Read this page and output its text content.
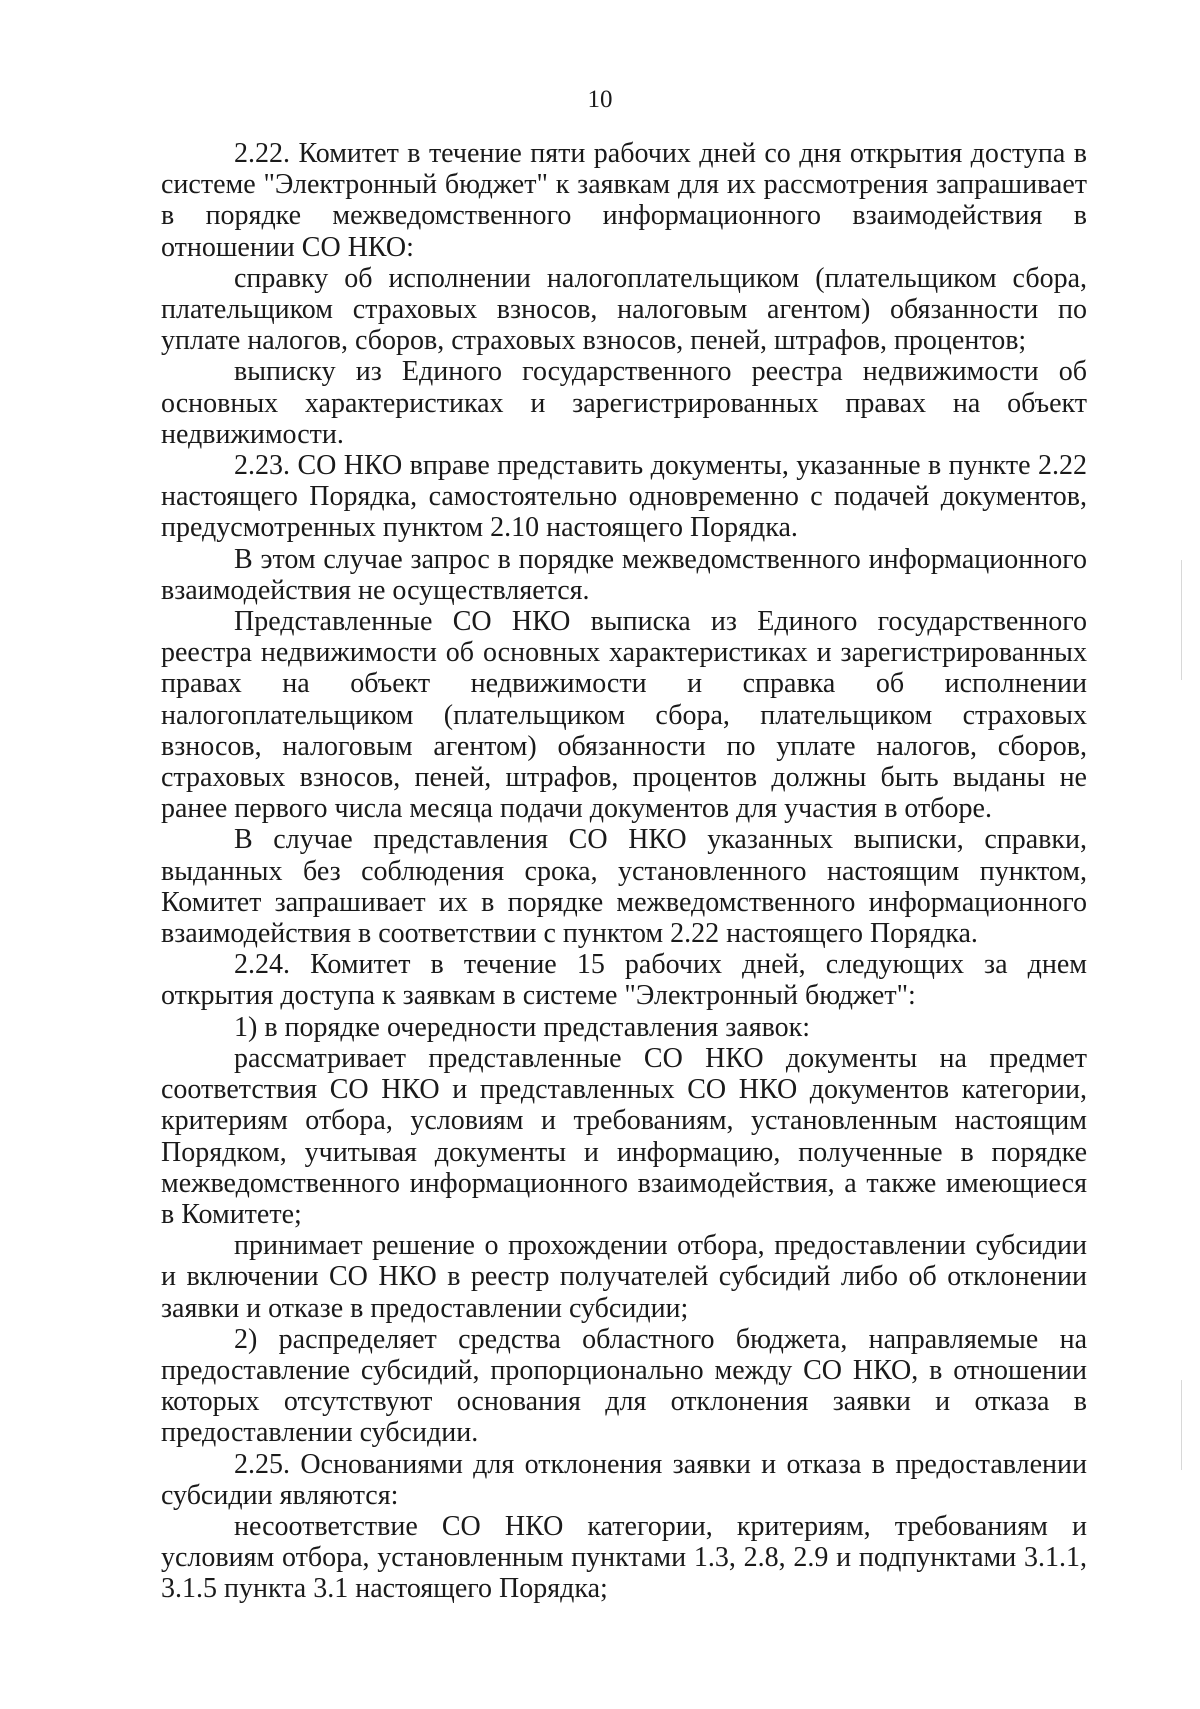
10

2.22. Комитет в течение пяти рабочих дней со дня открытия доступа в системе "Электронный бюджет" к заявкам для их рассмотрения запрашивает в порядке межведомственного информационного взаимодействия в отношении СО НКО:

справку об исполнении налогоплательщиком (плательщиком сбора, плательщиком страховых взносов, налоговым агентом) обязанности по уплате налогов, сборов, страховых взносов, пеней, штрафов, процентов;

выписку из Единого государственного реестра недвижимости об основных характеристиках и зарегистрированных правах на объект недвижимости.

2.23. СО НКО вправе представить документы, указанные в пункте 2.22 настоящего Порядка, самостоятельно одновременно с подачей документов, предусмотренных пунктом 2.10 настоящего Порядка.

В этом случае запрос в порядке межведомственного информационного взаимодействия не осуществляется.

Представленные СО НКО выписка из Единого государственного реестра недвижимости об основных характеристиках и зарегистрированных правах на объект недвижимости и справка об исполнении налогоплательщиком (плательщиком сбора, плательщиком страховых взносов, налоговым агентом) обязанности по уплате налогов, сборов, страховых взносов, пеней, штрафов, процентов должны быть выданы не ранее первого числа месяца подачи документов для участия в отборе.

В случае представления СО НКО указанных выписки, справки, выданных без соблюдения срока, установленного настоящим пунктом, Комитет запрашивает их в порядке межведомственного информационного взаимодействия в соответствии с пунктом 2.22 настоящего Порядка.

2.24. Комитет в течение 15 рабочих дней, следующих за днем открытия доступа к заявкам в системе "Электронный бюджет":

1) в порядке очередности представления заявок:

рассматривает представленные СО НКО документы на предмет соответствия СО НКО и представленных СО НКО документов категории, критериям отбора, условиям и требованиям, установленным настоящим Порядком, учитывая документы и информацию, полученные в порядке межведомственного информационного взаимодействия, а также имеющиеся в Комитете;

принимает решение о прохождении отбора, предоставлении субсидии и включении СО НКО в реестр получателей субсидий либо об отклонении заявки и отказе в предоставлении субсидии;

2) распределяет средства областного бюджета, направляемые на предоставление субсидий, пропорционально между СО НКО, в отношении которых отсутствуют основания для отклонения заявки и отказа в предоставлении субсидии.

2.25. Основаниями для отклонения заявки и отказа в предоставлении субсидии являются:

несоответствие СО НКО категории, критериям, требованиям и условиям отбора, установленным пунктами 1.3, 2.8, 2.9 и подпунктами 3.1.1, 3.1.5 пункта 3.1 настоящего Порядка;
